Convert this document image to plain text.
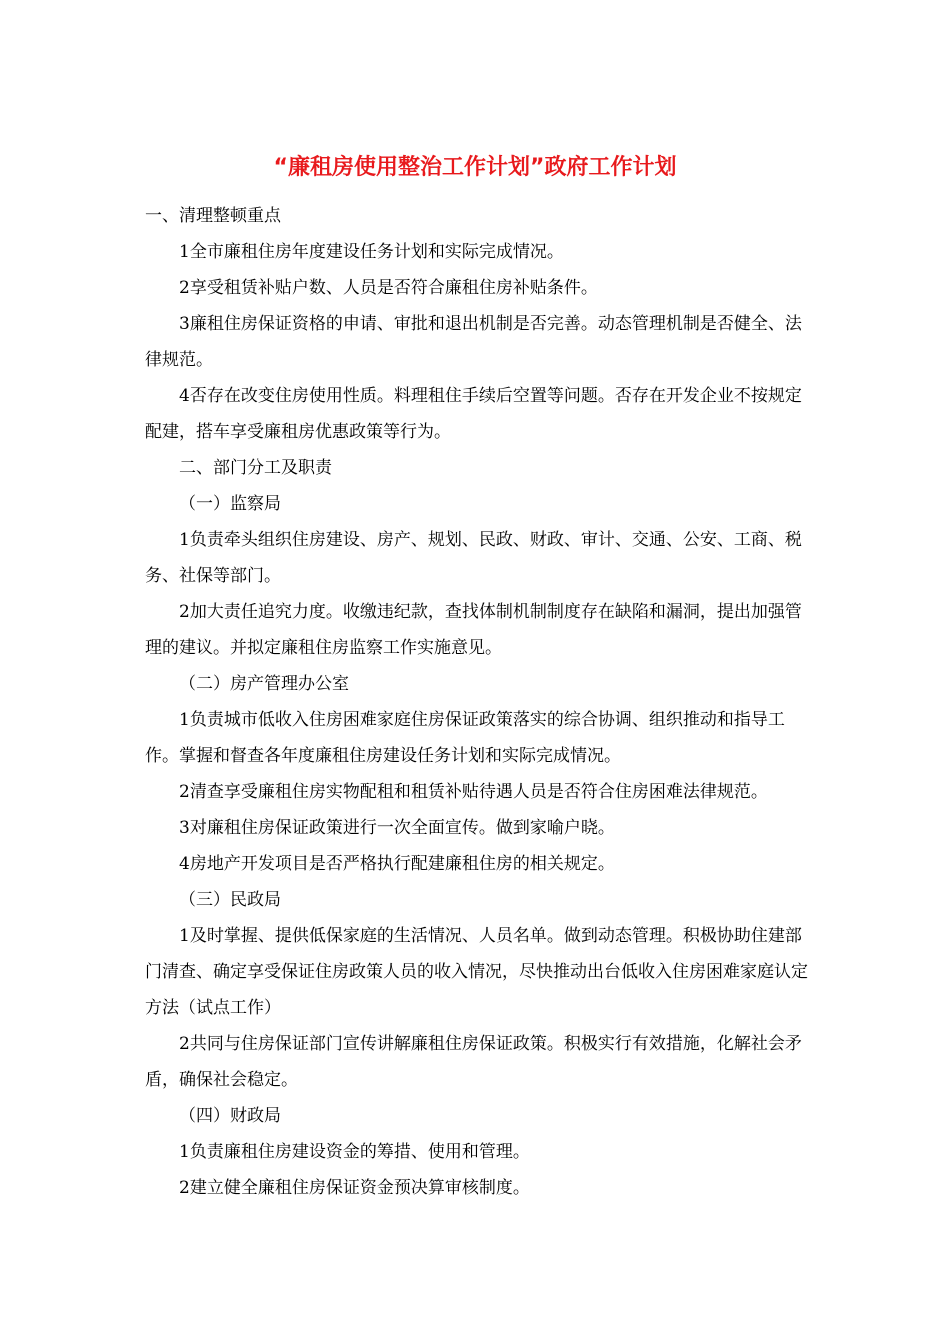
“廉租房使用整治工作计划”政府工作计划

一、清理整顿重点

1全市廉租住房年度建设任务计划和实际完成情况。

2享受租赁补贴户数、人员是否符合廉租住房补贴条件。

3廉租住房保证资格的申请、审批和退出机制是否完善。动态管理机制是否健全、法律规范。

4否存在改变住房使用性质。料理租住手续后空置等问题。否存在开发企业不按规定配建，搭车享受廉租房优惠政策等行为。

二、部门分工及职责

（一）监察局

1负责牵头组织住房建设、房产、规划、民政、财政、审计、交通、公安、工商、税务、社保等部门。

2加大责任追究力度。收缴违纪款，查找体制机制制度存在缺陷和漏洞，提出加强管理的建议。并拟定廉租住房监察工作实施意见。

（二）房产管理办公室

1负责城市低收入住房困难家庭住房保证政策落实的综合协调、组织推动和指导工作。掌握和督查各年度廉租住房建设任务计划和实际完成情况。

2清查享受廉租住房实物配租和租赁补贴待遇人员是否符合住房困难法律规范。

3对廉租住房保证政策进行一次全面宣传。做到家喻户晓。

4房地产开发项目是否严格执行配建廉租住房的相关规定。

（三）民政局

1及时掌握、提供低保家庭的生活情况、人员名单。做到动态管理。积极协助住建部门清查、确定享受保证住房政策人员的收入情况，尽快推动出台低收入住房困难家庭认定方法（试点工作）

2共同与住房保证部门宣传讲解廉租住房保证政策。积极实行有效措施，化解社会矛盾，确保社会稳定。

（四）财政局

1负责廉租住房建设资金的筹措、使用和管理。

2建立健全廉租住房保证资金预决算审核制度。
